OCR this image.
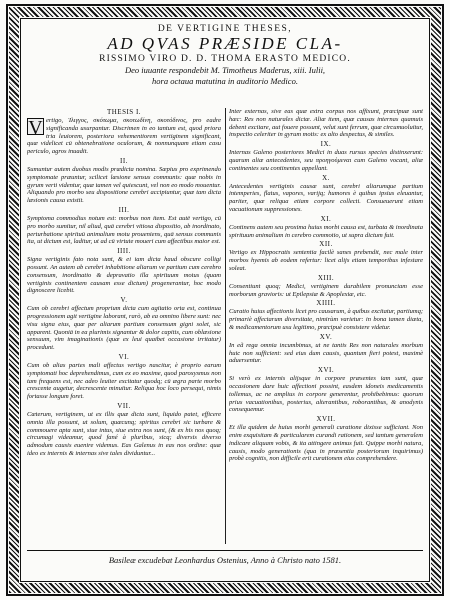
DE VERTIGINE THESES,
AD QVAS PRÆSIDE CLA-
RISSIMO VIRO D. D. THOMA ERASTO MEDICO.
Deo iuuante respondebit M. Timotheus Maderus, xiii. Iulii,
hora octaua matutina in auditorio Medico.
THESIS I.
V ertigo, Ἰλιγγος, σκότωμα, σκοτωδίνη, σκοτόδινος, pro eadre significanda usurpantur. Discrimen in eo tantum est, quod priora tria leuiorem, posteriora vehementiorem vertiginem significant, quæ videlicet cū obtenebratione oculorum, & nonnunquam etiam casu periculo, agros inuadit.
II.
Sumuntur autem duobus modis prædicta nomina. Sæpius pro exprimendo symptomate præuntur, scilicet læsione sensus communis: quæ nobis in gyrum verti videntur, quæ tamen vel quiescunt, vel non eo modo mouentur. Aliquando pro morbo seu dispositione cerebri accipiuntur, quæ tam dicta læsionis causa existit.
III.
Symptoma commodius notum est: morbus non item. Est autē vertigo, cū pro morbo sumitur, nil aliud, quā cerebri vitiosa dispositio, ab inordinato, perturbatione spirituū animalium motu proueniens, quā sensus communis ita, ut dictum est, laditur, ut ad cū virtute moueri cum affectibus maior est.
IIII.
Signa vertiginis fato nota sunt, & ei iam dicta haud obscure colligi possunt. An autem ab cerebri inhabitione aliarum ve partium cum cerebro consensum, inordinatio & depravatio illa spirituum motus (quam vertiginis continentem causam esse dictum) progenerantur, hoc modo dignoscere licebit.
V.
Cum ob cerebri affectum proprium dicta cum agitatio orta est, continua progressionem agit vertigine laborant, rarò, ab ea omnino libere sunt: nec visu signa eius, quæ per aliarum partium consensum gigni solet, sic apparent. Quoniā in ea plurimis signantur & dolor capitis, cum oblæsione sensuum, vim imaginationis (quæ ex leui quaibet occasione irritatur) procedunt.
VI.
Cum ob alias partes mali affectus vertigo nascitur, è proprio earum symptomati hoc deprehendimus, cum ex eo maxime, quod paroxysmus non tam frequens est, nec adeo leuiter excitatur quodq; cū ægra parte morbo crescente augetur, decrescente minuitur. Reliqua hoc loco persequi, nimis fortasse longum foret.
VII.
Cæterum, vertiginem, ut ex illis quæ dicta sunt, liquido patet, efficere omnia illa possunt, ut solum, quæcunq; spiritus cerebri sic turbare & commouere apta sunt, siue intus, siue extra nos sunt, (& ex his nos quoq; circumagi videamur, quod fané à pluribus, sicq; diversis diverso admodum causis euenire videmus. Eas Galenus in eas nos ordine: quæ ideo ex internis & internas sive tales dividuntur...
Inter externas, sive eas quæ extra corpus nos affixunt, præcipuæ sunt hæc: Res non naturales dictæ. Aliæ item, quæ causas internas quamuis debent excitare, aut fouere possunt, velut sunt ferrum, quæ circumuoluitur, inspectio celeriter in gyrum motis: ex alto despectus, & similes.
IX.
Internas Galeno posteriores Medici in duas rursus species distinxerunt: quarum aliæ antecedentes, seu προηγούμεναι cum Galeno vocant, aliæ continentes seu continentes appellant.
X.
Antecedentes vertiginis causæ sunt, cerebri aliarumque partium intemperies, flatus, vapores, varijq; humores è quibus ipsius eleuantur, pariter, quæ reliqua etiam corpore collecti. Consueuerunt etiam vacuationum suppressiones.
XI.
Continens autem seu proxima huius morbi causa est, turbata & inordinata spirituum animalium in cerebro commotio, ut supra dictum fuit.
XII.
Vertigo ex Hippocratis sententia facilè sanes prebendit, nec male inter morbos hyemis ab eodem refertur: licet alijs etiam temporibus infestare soleat.
XIII.
Consentiunt quoq; Medici, vertiginem durabilem pronunciam esse morborum gravioris: ut Epilepsiæ & Apoplexiæ, etc.
XIIII.
Curatio huius affectionis licet pro causarum, à quibus excitatur, partiumq; primariè affectarum diversitate, nimirùm varietur: in bona tamen diæta, & medicamentorum usu legitimo, præcipuè consistere videtur.
XV.
In eã rega omnia incumbimus, ut ne tantis Res non naturales morbum huic non sufficient: sed eius dum causis, quantum fieri potest, maximè aduersentur.
XVI.
Si verò ex internis alijsque in corpore præsentes iam sunt, quæ occasionem dare huic affectioni possint, easdem idoneis medicamentis tollemus, ac ne amplius in corpore generentur, prohibebimus: quorum prius vacuationibus, posterius, alterantibus, roborantibus, & anodynis consequemur.
XVII.
Et illa quidem de huius morbi generali curatione dixisse sufficiant. Non enim exquisitam & particularem curandi rationem, sed tantum generalem indicare aliquam vobis, & ita attingere animus fuit. Quippe morbi natura, causis, modo generationis (qua in præsentia posteriorum inquirimus) probè cognitis, non difficile erit curationem eius comprehendere.
Basileæ excudebat Leonhardus Ostenius, Anno à Christo nato 1581.
